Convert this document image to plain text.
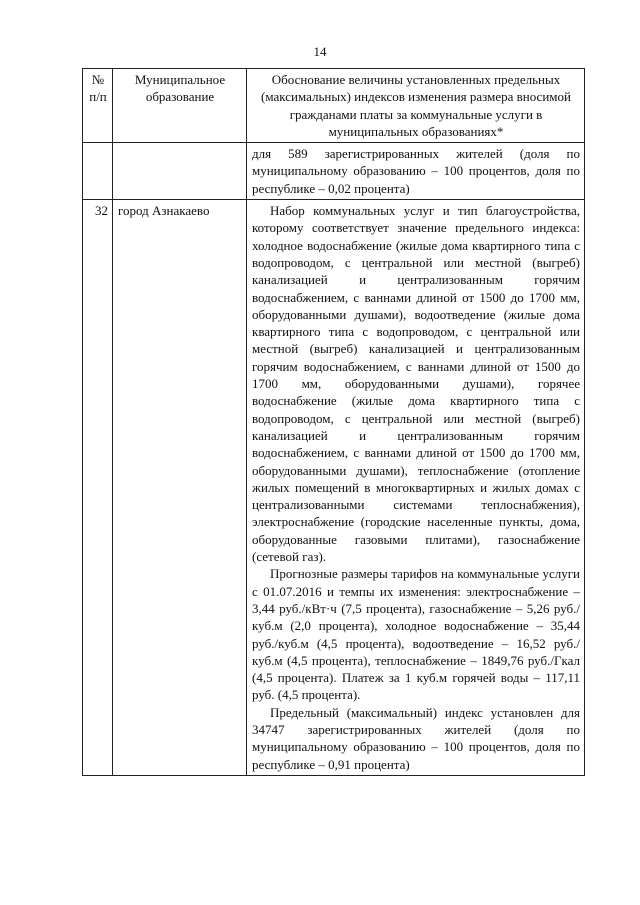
14
№ п/п	Муниципальное образование	Обоснование величины установленных предельных (максимальных) индексов изменения размера вносимой гражданами платы за коммунальные услуги в муниципальных образованиях*

		для 589 зарегистрированных жителей (доля по муниципальному образованию – 100 процентов, доля по республике – 0,02 процента)

32	город Азнакаево	Набор коммунальных услуг и тип благоустройства, которому соответствует значение предельного индекса: холодное водоснабжение (жилые дома квартирного типа с водопроводом, с центральной или местной (выгреб) канализацией и централизованным горячим водоснабжением, с ваннами длиной от 1500 до 1700 мм, оборудованными душами), водоотведение (жилые дома квартирного типа с водопроводом, с центральной или местной (выгреб) канализацией и централизованным горячим водоснабжением, с ваннами длиной от 1500 до 1700 мм, оборудованными душами), горячее водоснабжение (жилые дома квартирного типа с водопроводом, с центральной или местной (выгреб) канализацией и централизованным горячим водоснабжением, с ваннами длиной от 1500 до 1700 мм, оборудованными душами), теплоснабжение (отопление жилых помещений в многоквартирных и жилых домах с централизованными системами теплоснабжения), электроснабжение (городские населенные пункты, дома, оборудованные газовыми плитами), газоснабжение (сетевой газ).

Прогнозные размеры тарифов на коммунальные услуги с 01.07.2016 и темпы их изменения: электроснабжение – 3,44 руб./кВт·ч (7,5 процента), газоснабжение – 5,26 руб./куб.м (2,0 процента), холодное водоснабжение – 35,44 руб./куб.м (4,5 процента), водоотведение – 16,52 руб./куб.м (4,5 процента), теплоснабжение – 1849,76 руб./Гкал (4,5 процента). Платеж за 1 куб.м горячей воды – 117,11 руб. (4,5 процента).

Предельный (максимальный) индекс установлен для 34747 зарегистрированных жителей (доля по муниципальному образованию – 100 процентов, доля по республике – 0,91 процента)
